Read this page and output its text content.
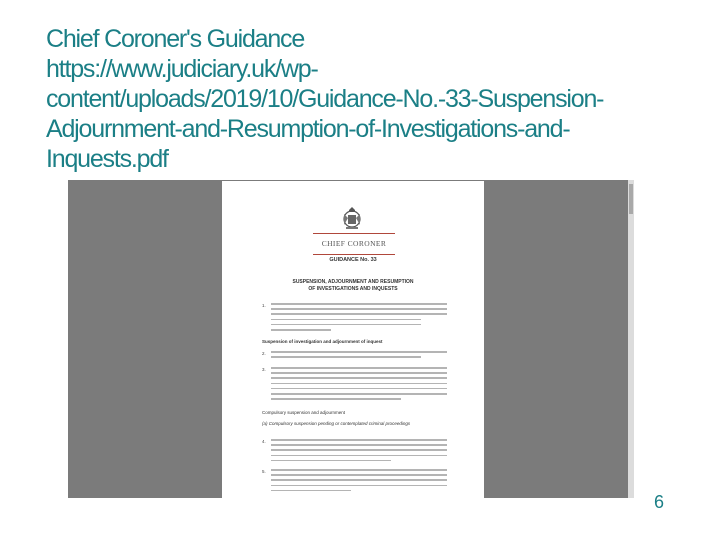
Chief Coroner's Guidance
https://www.judiciary.uk/wp-
content/uploads/2019/10/Guidance-No.-33-Suspension-
Adjournment-and-Resumption-of-Investigations-and-
Inquests.pdf
CHIEF CORONER
GUIDANCE No. 33
SUSPENSION, ADJOURNMENT AND RESUMPTION
OF INVESTIGATIONS AND INQUESTS
1.
Suspension of investigation and adjournment of inquest
2.
3.
Compulsory suspension and adjournment
(a) Compulsory suspension pending or contemplated criminal proceedings
4.
5.
6
